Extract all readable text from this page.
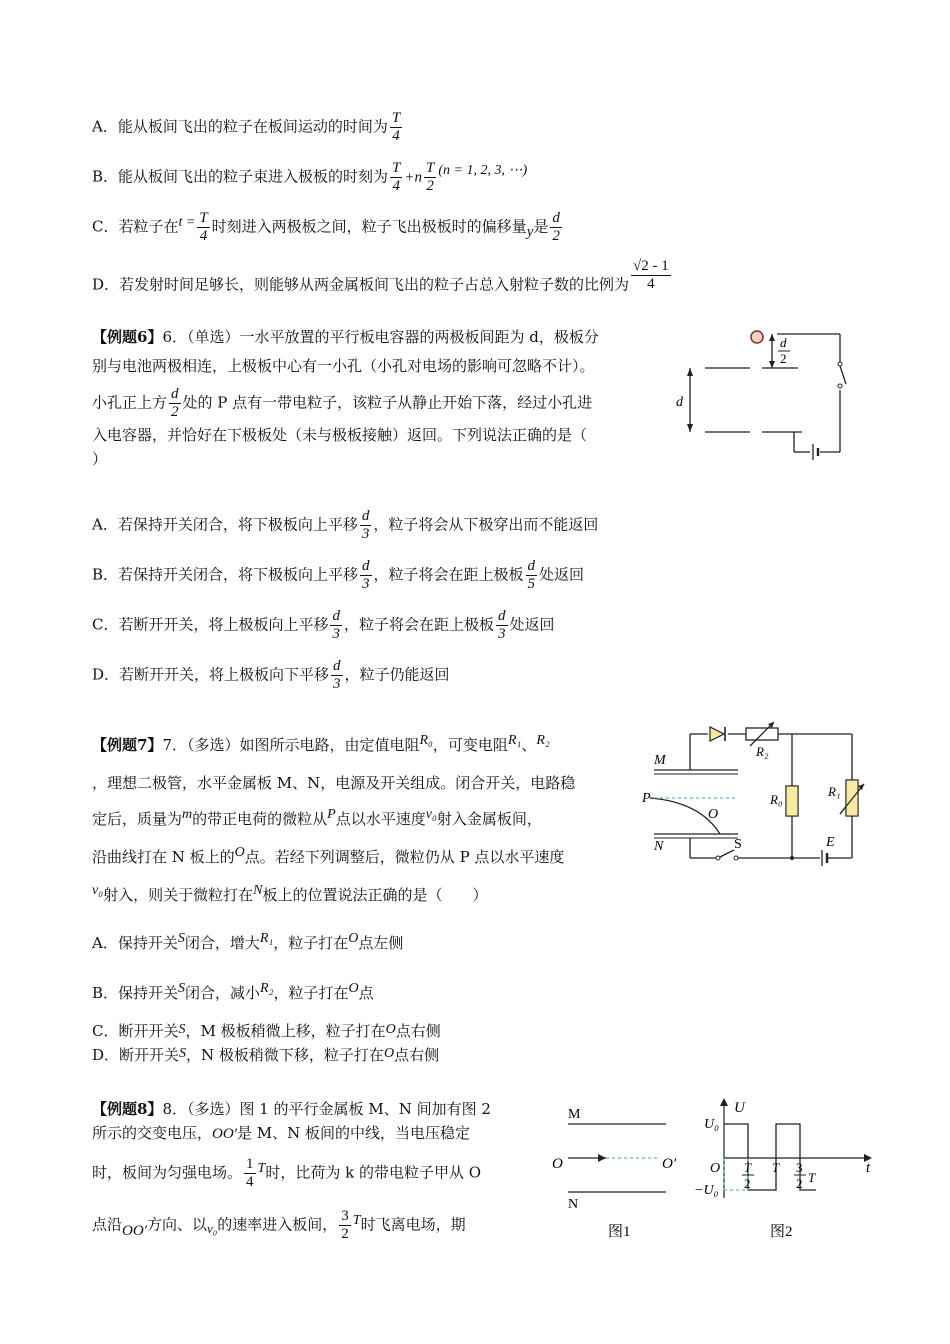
A．能从板间飞出的粒子在板间运动的时间为 $\frac{T}{4}$
B．能从板间飞出的粒子束进入极板的时刻为 $\frac{T}{4} +n \frac{T}{2} (n = 1$, 2, 3, ⋯)
C．若粒子在$t = \frac{T}{4}$ 时刻进入两极板之间，粒子飞出极板时的偏移量y是 $\frac{d}{2}$
D．若发射时间足够长，则能够从两金属板间飞出的粒子占总入射粒子数的比例为 $\frac{√2 - 1}{4}$
【例题6】6．（单选）一水平放置的平行板电容器的两极板间距为 d，极板分
别与电池两极相连，上极板中心有一小孔（小孔对电场的影响可忽略不计）。
小孔正上方 $\frac{d}{2}$ 处的 P 点有一带电粒子，该粒子从静止开始下落，经过小孔进
入电容器，并恰好在下极板处（未与极板接触）返回。下列说法正确的是（
）
A．若保持开关闭合，将下极板向上平移 $\frac{d}{3}$ ，粒子将会从下极穿出而不能返回
B．若保持开关闭合，将下极板向上平移 $\frac{d}{3}$ ，粒子将会在距上极板 $\frac{d}{5}$ 处返回
C．若断开开关，将上极板向上平移 $\frac{d}{3}$ ，粒子将会在距上极板 $\frac{d}{3}$ 处返回
D．若断开开关，将上极板向下平移 $\frac{d}{3}$ ，粒子仍能返回
d
2
d
【例题7】7．（多选）如图所示电路，由定值电阻R₀，可变电阻R₁、R₂
，理想二极管，水平金属板 M、N，电源及开关组成。闭合开关，电路稳
定后，质量为m的带正电荷的微粒从P点以水平速度v₀射入金属板间，
沿曲线打在 N 板上的O点。若经下列调整后，微粒仍从 P 点以水平速度
v₀射入，则关于微粒打在N板上的位置说法正确的是（　　）
A．保持开关S闭合，增大R₁，粒子打在O点左侧
B．保持开关S闭合，减小R₂，粒子打在O点
C．断开开关S，M 极板稍微上移，粒子打在O点右侧
D．断开开关S，N 极板稍微下移，粒子打在O点右侧
M
P
O
N	S
R₀
R₁
R₂
E
【例题8】8．（多选）图 1 的平行金属板 M、N 间加有图 2
所示的交变电压，OO′是 M、N 板间的中线，当电压稳定
时，板间为匀强电场。 $\frac{1}{4}$ T时，比荷为 k 的带电粒子甲从 O
点沿OO′方向、以v₀的速率进入板间， $\frac{3}{2}$ T时飞离电场，期
M
O	O′
N
图1
U
U₀
O	t
T
2
T 3
2 T
−U₀
图2
